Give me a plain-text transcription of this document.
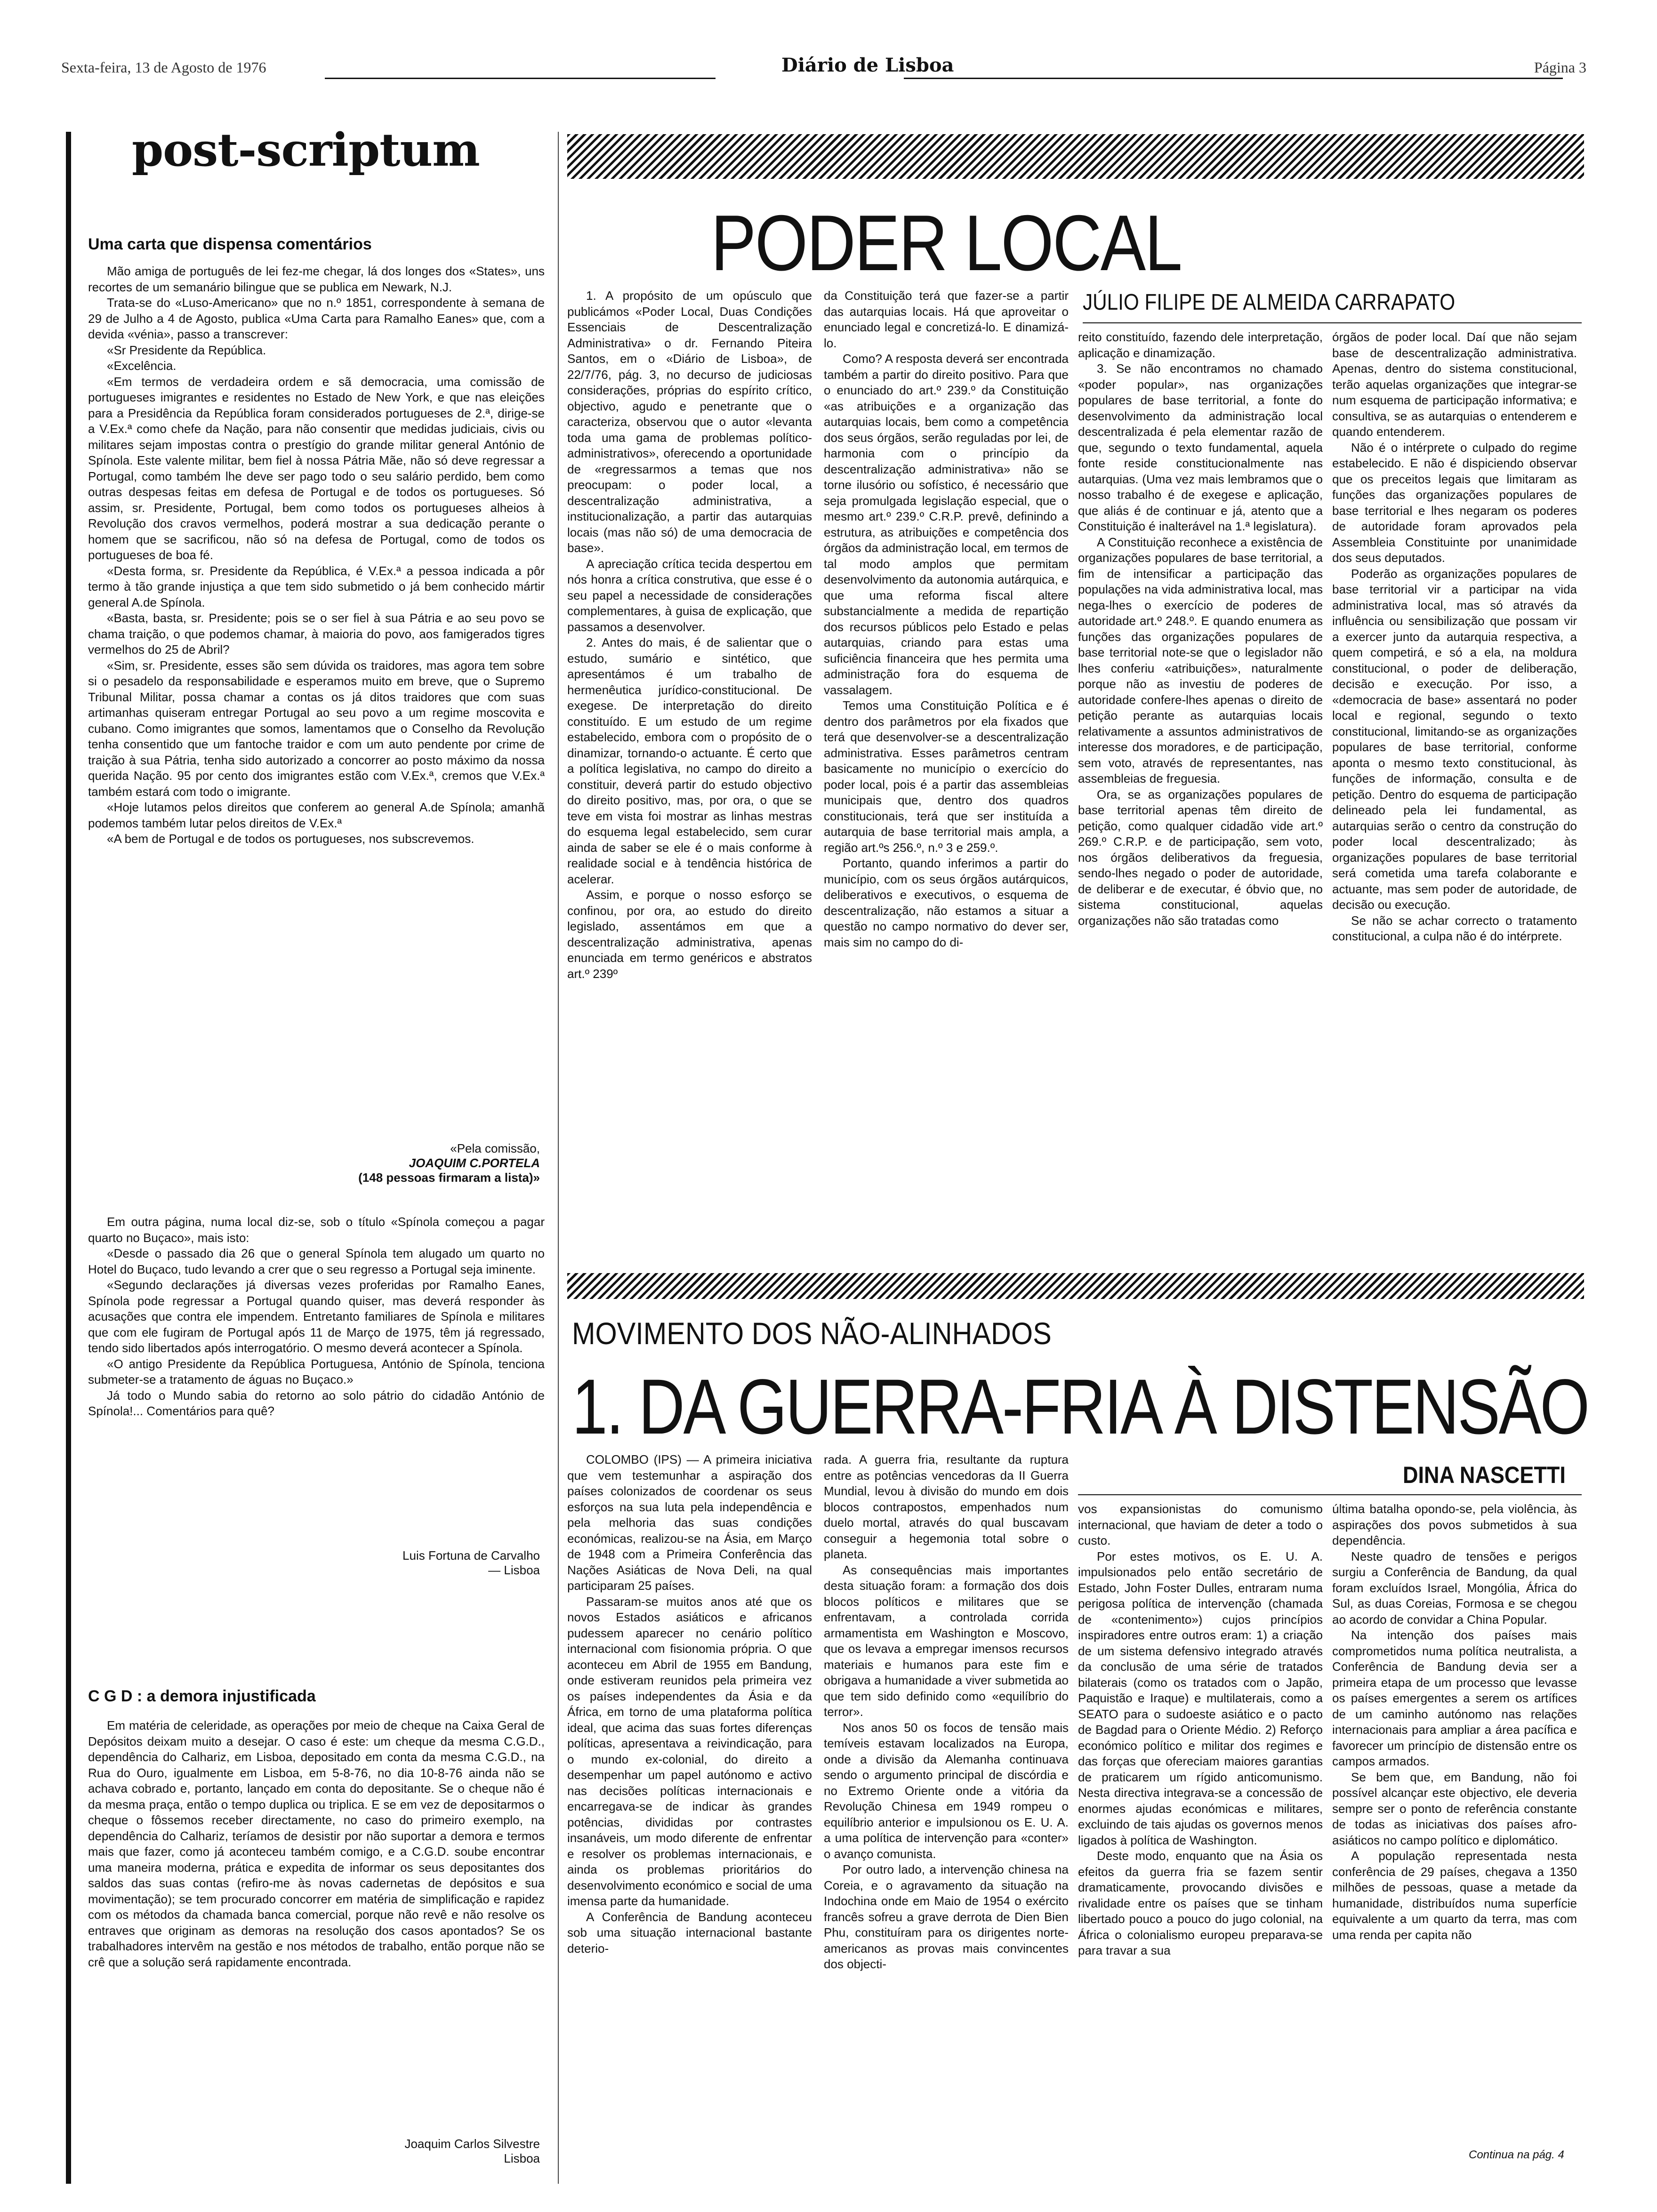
Sexta-feira, 13 de Agosto de 1976	Diário de Lisboa	Página 3
post-scriptum
Uma carta que dispensa comentários

Mão amiga de português de lei fez-me chegar, lá dos longes dos «States», uns recortes de um semanário bilingue que se publica em Newark, N.J.

Trata-se do «Luso-Americano» que no n.º 1851, correspondente à semana de 29 de Julho a 4 de Agosto, publica «Uma Carta para Ramalho Eanes» que, com a devida «vénia», passo a transcrever:

«Sr Presidente da República.

«Excelência.

«Em termos de verdadeira ordem e sã democracia, uma comissão de portugueses imigrantes e residentes no Estado de New York, e que nas eleições para a Presidência da República foram considerados portugueses de 2.ª, dirige-se a V.Ex.ª como chefe da Nação, para não consentir que medidas judiciais, civis ou militares sejam impostas contra o prestígio do grande militar general António de Spínola. Este valente militar, bem fiel à nossa Pátria Mãe, não só deve regressar a Portugal, como também lhe deve ser pago todo o seu salário perdido, bem como outras despesas feitas em defesa de Portugal e de todos os portugueses. Só assim, sr. Presidente, Portugal, bem como todos os portugueses alheios à Revolução dos cravos vermelhos, poderá mostrar a sua dedicação perante o homem que se sacrificou, não só na defesa de Portugal, como de todos os portugueses de boa fé.

«Desta forma, sr. Presidente da República, é V.Ex.ª a pessoa indicada a pôr termo à tão grande injustiça a que tem sido submetido o já bem conhecido mártir general A.de Spínola.

«Basta, basta, sr. Presidente; pois se o ser fiel à sua Pátria e ao seu povo se chama traição, o que podemos chamar, à maioria do povo, aos famigerados tigres vermelhos do 25 de Abril?

«Sim, sr. Presidente, esses são sem dúvida os traidores, mas agora tem sobre si o pesadelo da responsabilidade e esperamos muito em breve, que o Supremo Tribunal Militar, possa chamar a contas os já ditos traidores que com suas artimanhas quiseram entregar Portugal ao seu povo a um regime moscovita e cubano. Como imigrantes que somos, lamentamos que o Conselho da Revolução tenha consentido que um fantoche traidor e com um auto pendente por crime de traição à sua Pátria, tenha sido autorizado a concorrer ao posto máximo da nossa querida Nação. 95 por cento dos imigrantes estão com V.Ex.ª, cremos que V.Ex.ª também estará com todo o imigrante.

«Hoje lutamos pelos direitos que conferem ao general A.de Spínola; amanhã podemos também lutar pelos direitos de V.Ex.ª

«A bem de Portugal e de todos os portugueses, nos subscrevemos.

«Pela comissão,
JOAQUIM C.PORTELA
(148 pessoas firmaram a lista)»

Em outra página, numa local diz-se, sob o título «Spínola começou a pagar quarto no Buçaco», mais isto:

«Desde o passado dia 26 que o general Spínola tem alugado um quarto no Hotel do Buçaco, tudo levando a crer que o seu regresso a Portugal seja iminente.

«Segundo declarações já diversas vezes proferidas por Ramalho Eanes, Spínola pode regressar a Portugal quando quiser, mas deverá responder às acusações que contra ele impendem. Entretanto familiares de Spínola e militares que com ele fugiram de Portugal após 11 de Março de 1975, têm já regressado, tendo sido libertados após interrogatório. O mesmo deverá acontecer a Spínola.

«O antigo Presidente da República Portuguesa, António de Spínola, tenciona submeter-se a tratamento de águas no Buçaco.»

Já todo o Mundo sabia do retorno ao solo pátrio do cidadão António de Spínola!... Comentários para quê?

Luis Fortuna de Carvalho
— Lisboa
C G D : a demora injustificada

Em matéria de celeridade, as operações por meio de cheque na Caixa Geral de Depósitos deixam muito a desejar. O caso é este: um cheque da mesma C.G.D., dependência do Calhariz, em Lisboa, depositado em conta da mesma C.G.D., na Rua do Ouro, igualmente em Lisboa, em 5-8-76, no dia 10-8-76 ainda não se achava cobrado e, portanto, lançado em conta do depositante. Se o cheque não é da mesma praça, então o tempo duplica ou triplica. E se em vez de depositarmos o cheque o fôssemos receber directamente, no caso do primeiro exemplo, na dependência do Calhariz, teríamos de desistir por não suportar a demora e termos mais que fazer, como já aconteceu também comigo, e a C.G.D. soube encontrar uma maneira moderna, prática e expedita de informar os seus depositantes dos saldos das suas contas (refiro-me às novas cadernetas de depósitos e sua movimentação); se tem procurado concorrer em matéria de simplificação e rapidez com os métodos da chamada banca comercial, porque não revê e não resolve os entraves que originam as demoras na resolução dos casos apontados? Se os trabalhadores intervêm na gestão e nos métodos de trabalho, então porque não se crê que a solução será rapidamente encontrada.

Joaquim Carlos Silvestre
Lisboa
PODER LOCAL
JÚLIO FILIPE DE ALMEIDA CARRAPATO

1. A propósito de um opúsculo que publicámos «Poder Local, Duas Condições Essenciais de Descentralização Administrativa» o dr. Fernando Piteira Santos, em o «Diário de Lisboa», de 22/7/76, pág. 3, no decurso de judiciosas considerações, próprias do espírito crítico, objectivo, agudo e penetrante que o caracteriza, observou que o autor «levanta toda uma gama de problemas político-administrativos», oferecendo a oportunidade de «regressarmos a temas que nos preocupam: o poder local, a descentralização administrativa, a institucionalização, a partir das autarquias locais (mas não só) de uma democracia de base».

A apreciação crítica tecida despertou em nós honra a crítica construtiva, que esse é o seu papel a necessidade de considerações complementares, à guisa de explicação, que passamos a desenvolver.

2. Antes do mais, é de salientar que o estudo, sumário e sintético, que apresentámos é um trabalho de hermenêutica jurídico-constitucional. De exegese. De interpretação do direito constituído. E um estudo de um regime estabelecido, embora com o propósito de o dinamizar, tornando-o actuante. É certo que a política legislativa, no campo do direito a constituir, deverá partir do estudo objectivo do direito positivo, mas, por ora, o que se teve em vista foi mostrar as linhas mestras do esquema legal estabelecido, sem curar ainda de saber se ele é o mais conforme à realidade social e à tendência histórica de acelerar.

Assim, e porque o nosso esforço se confinou, por ora, ao estudo do direito legislado, assentámos em que a descentralização administrativa, apenas enunciada em termo genéricos e abstratos art.º 239º

da Constituição terá que fazer-se a partir das autarquias locais. Há que aproveitar o enunciado legal e concretizá-lo. E dinamizá-lo.

Como? A resposta deverá ser encontrada também a partir do direito positivo. Para que o enunciado do art.º 239.º da Constituição «as atribuições e a organização das autarquias locais, bem como a competência dos seus órgãos, serão reguladas por lei, de harmonia com o princípio da descentralização administrativa» não se torne ilusório ou sofístico, é necessário que seja promulgada legislação especial, que o mesmo art.º 239.º C.R.P. prevê, definindo a estrutura, as atribuições e competência dos órgãos da administração local, em termos de tal modo amplos que permitam desenvolvimento da autonomia autárquica, e que uma reforma fiscal altere substancialmente a medida de repartição dos recursos públicos pelo Estado e pelas autarquias, criando para estas uma suficiência financeira que hes permita uma administração fora do esquema de vassalagem.

Temos uma Constituição Política e é dentro dos parâmetros por ela fixados que terá que desenvolver-se a descentralização administrativa. Esses parâmetros centram basicamente no município o exercício do poder local, pois é a partir das assembleias municipais que, dentro dos quadros constitucionais, terá que ser instituída a autarquia de base territorial mais ampla, a região art.ºs 256.º, n.º 3 e 259.º.

Portanto, quando inferimos a partir do município, com os seus órgãos autárquicos, deliberativos e executivos, o esquema de descentralização, não estamos a situar a questão no campo normativo do dever ser, mais sim no campo do di-

reito constituído, fazendo dele interpretação, aplicação e dinamização.

3. Se não encontramos no chamado «poder popular», nas organizações populares de base territorial, a fonte do desenvolvimento da administração local descentralizada é pela elementar razão de que, segundo o texto fundamental, aquela fonte reside constitucionalmente nas autarquias. (Uma vez mais lembramos que o nosso trabalho é de exegese e aplicação, que aliás é de continuar e já, atento que a Constituição é inalterável na 1.ª legislatura).

A Constituição reconhece a existência de organizações populares de base territorial, a fim de intensificar a participação das populações na vida administrativa local, mas nega-lhes o exercício de poderes de autoridade art.º 248.º. E quando enumera as funções das organizações populares de base territorial note-se que o legislador não lhes conferiu «atribuições», naturalmente porque não as investiu de poderes de autoridade confere-lhes apenas o direito de petição perante as autarquias locais relativamente a assuntos administrativos de interesse dos moradores, e de participação, sem voto, através de representantes, nas assembleias de freguesia.

Ora, se as organizações populares de base territorial apenas têm direito de petição, como qualquer cidadão vide art.º 269.º C.R.P. e de participação, sem voto, nos órgãos deliberativos da freguesia, sendo-lhes negado o poder de autoridade, de deliberar e de executar, é óbvio que, no sistema constitucional, aquelas organizações não são tratadas como

órgãos de poder local. Daí que não sejam base de descentralização administrativa. Apenas, dentro do sistema constitucional, terão aquelas organizações que integrar-se num esquema de participação informativa; e consultiva, se as autarquias o entenderem e quando entenderem.

Não é o intérprete o culpado do regime estabelecido. E não é dispiciendo observar que os preceitos legais que limitaram as funções das organizações populares de base territorial e lhes negaram os poderes de autoridade foram aprovados pela Assembleia Constituinte por unanimidade dos seus deputados.

Poderão as organizações populares de base territorial vir a participar na vida administrativa local, mas só através da influência ou sensibilização que possam vir a exercer junto da autarquia respectiva, a quem competirá, e só a ela, na moldura constitucional, o poder de deliberação, decisão e execução. Por isso, a «democracia de base» assentará no poder local e regional, segundo o texto constitucional, limitando-se as organizações populares de base territorial, conforme aponta o mesmo texto constitucional, às funções de informação, consulta e de petição. Dentro do esquema de participação delineado pela lei fundamental, as autarquias serão o centro da construção do poder local descentralizado; às organizações populares de base territorial será cometida uma tarefa colaborante e actuante, mas sem poder de autoridade, de decisão ou execução.

Se não se achar correcto o tratamento constitucional, a culpa não é do intérprete.

MOVIMENTO DOS NÃO-ALINHADOS
1. DA GUERRA-FRIA À DISTENSÃO
DINA NASCETTI

COLOMBO (IPS) — A primeira iniciativa que vem testemunhar a aspiração dos países colonizados de coordenar os seus esforços na sua luta pela independência e pela melhoria das suas condições económicas, realizou-se na Ásia, em Março de 1948 com a Primeira Conferência das Nações Asiáticas de Nova Deli, na qual participaram 25 países.

Passaram-se muitos anos até que os novos Estados asiáticos e africanos pudessem aparecer no cenário político internacional com fisionomia própria. O que aconteceu em Abril de 1955 em Bandung, onde estiveram reunidos pela primeira vez os países independentes da Ásia e da África, em torno de uma plataforma política ideal, que acima das suas fortes diferenças políticas, apresentava a reivindicação, para o mundo ex-colonial, do direito a desempenhar um papel autónomo e activo nas decisões políticas internacionais e encarregava-se de indicar às grandes potências, divididas por contrastes insanáveis, um modo diferente de enfrentar e resolver os problemas internacionais, e ainda os problemas prioritários do desenvolvimento económico e social de uma imensa parte da humanidade.

A Conferência de Bandung aconteceu sob uma situação internacional bastante deterio-

rada. A guerra fria, resultante da ruptura entre as potências vencedoras da II Guerra Mundial, levou à divisão do mundo em dois blocos contrapostos, empenhados num duelo mortal, através do qual buscavam conseguir a hegemonia total sobre o planeta.

As consequências mais importantes desta situação foram: a formação dos dois blocos políticos e militares que se enfrentavam, a controlada corrida armamentista em Washington e Moscovo, que os levava a empregar imensos recursos materiais e humanos para este fim e obrigava a humanidade a viver submetida ao que tem sido definido como «equilíbrio do terror».

Nos anos 50 os focos de tensão mais temíveis estavam localizados na Europa, onde a divisão da Alemanha continuava sendo o argumento principal de discórdia e no Extremo Oriente onde a vitória da Revolução Chinesa em 1949 rompeu o equilíbrio anterior e impulsionou os E. U. A. a uma política de intervenção para «conter» o avanço comunista.

Por outro lado, a intervenção chinesa na Coreia, e o agravamento da situação na Indochina onde em Maio de 1954 o exército francês sofreu a grave derrota de Dien Bien Phu, constituíram para os dirigentes norte-americanos as provas mais convincentes dos objecti-

vos expansionistas do comunismo internacional, que haviam de deter a todo o custo.

Por estes motivos, os E. U. A. impulsionados pelo então secretário de Estado, John Foster Dulles, entraram numa perigosa política de intervenção (chamada de «contenimento») cujos princípios inspiradores entre outros eram: 1) a criação de um sistema defensivo integrado através da conclusão de uma série de tratados bilaterais (como os tratados com o Japão, Paquistão e Iraque) e multilaterais, como a SEATO para o sudoeste asiático e o pacto de Bagdad para o Oriente Médio. 2) Reforço económico político e militar dos regimes e das forças que ofereciam maiores garantias de praticarem um rígido anticomunismo. Nesta directiva integrava-se a concessão de enormes ajudas económicas e militares, excluindo de tais ajudas os governos menos ligados à política de Washington.

Deste modo, enquanto que na Ásia os efeitos da guerra fria se fazem sentir dramaticamente, provocando divisões e rivalidade entre os países que se tinham libertado pouco a pouco do jugo colonial, na África o colonialismo europeu preparava-se para travar a sua

última batalha opondo-se, pela violência, às aspirações dos povos submetidos à sua dependência.

Neste quadro de tensões e perigos surgiu a Conferência de Bandung, da qual foram excluídos Israel, Mongólia, África do Sul, as duas Coreias, Formosa e se chegou ao acordo de convidar a China Popular.

Na intenção dos países mais comprometidos numa política neutralista, a Conferência de Bandung devia ser a primeira etapa de um processo que levasse os países emergentes a serem os artífices de um caminho autónomo nas relações internacionais para ampliar a área pacífica e favorecer um princípio de distensão entre os campos armados.

Se bem que, em Bandung, não foi possível alcançar este objectivo, ele deveria sempre ser o ponto de referência constante de todas as iniciativas dos países afro-asiáticos no campo político e diplomático.

A população representada nesta conferência de 29 países, chegava a 1350 milhões de pessoas, quase a metade da humanidade, distribuídos numa superfície equivalente a um quarto da terra, mas com uma renda per capita não

Continua na pág. 4
